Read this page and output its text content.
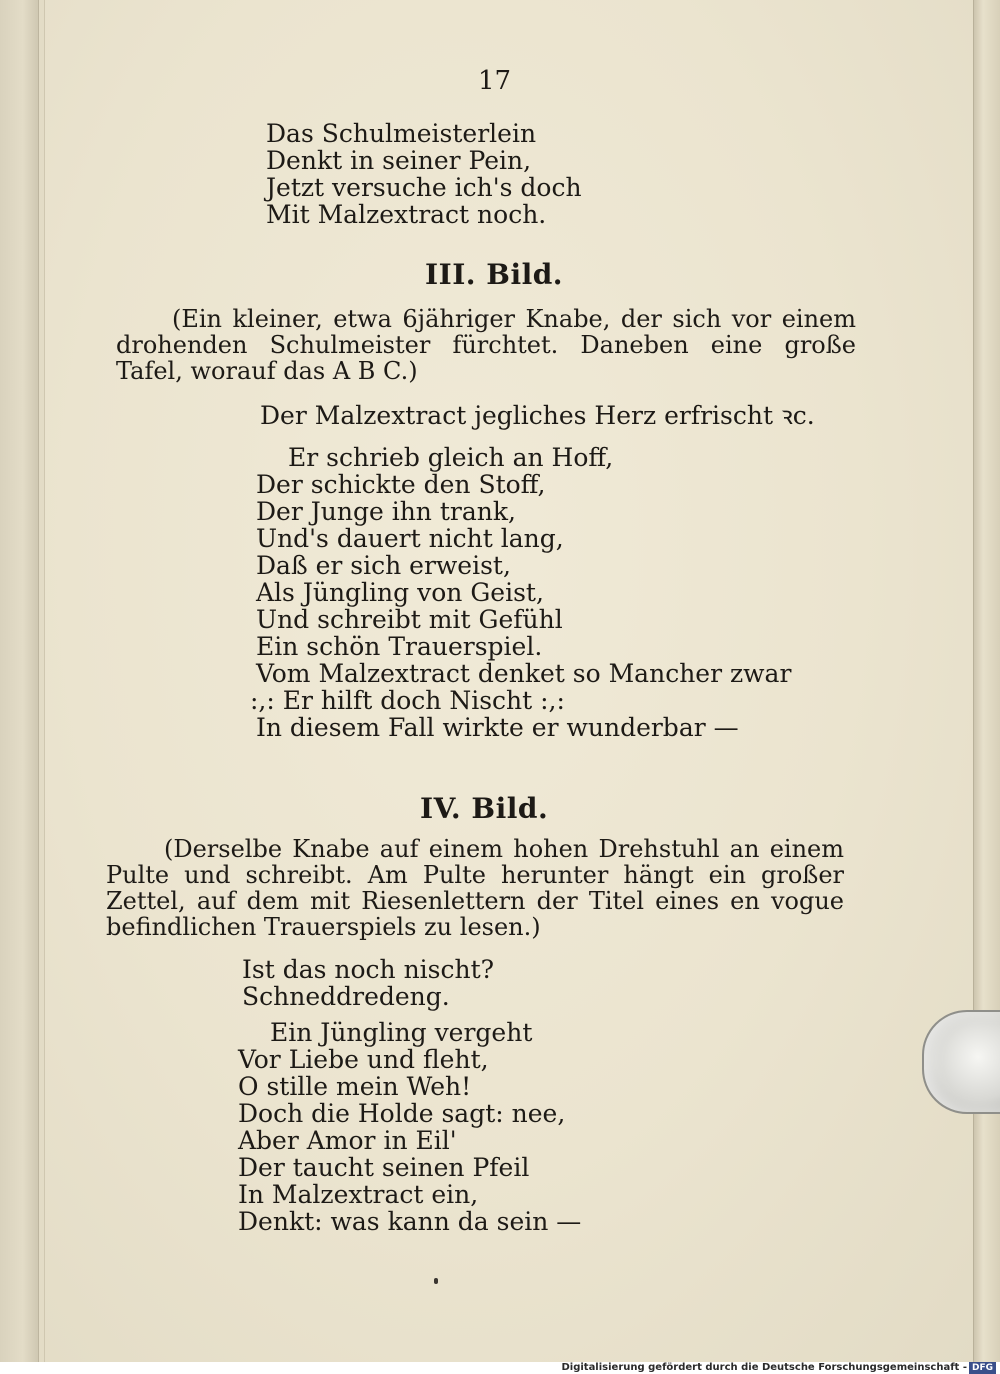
17
Das Schulmeisterlein
Denkt in seiner Pein,
Jetzt versuche ich's doch
Mit Malzextract noch.
III. Bild.
(Ein kleiner, etwa 6jähriger Knabe, der sich vor einem drohenden Schulmeister fürchtet. Daneben eine große Tafel, worauf das A B C.)
Der Malzextract jegliches Herz erfrischt ꝛc.
Er schrieb gleich an Hoff,
Der schickte den Stoff,
Der Junge ihn trank,
Und's dauert nicht lang,
Daß er sich erweist,
Als Jüngling von Geist,
Und schreibt mit Gefühl
Ein schön Trauerspiel.
Vom Malzextract denket so Mancher zwar
:,: Er hilft doch Nischt :,:
In diesem Fall wirkte er wunderbar —
IV. Bild.
(Derselbe Knabe auf einem hohen Drehstuhl an einem Pulte und schreibt. Am Pulte herunter hängt ein großer Zettel, auf dem mit Riesenlettern der Titel eines en vogue befindlichen Trauerspiels zu lesen.)
Ist das noch nischt?
Schneddredeng.
Ein Jüngling vergeht
Vor Liebe und fleht,
O stille mein Weh!
Doch die Holde sagt: nee,
Aber Amor in Eil'
Der taucht seinen Pfeil
In Malzextract ein,
Denkt: was kann da sein —
Digitalisierung gefördert durch die Deutsche Forschungsgemeinschaft - DFG
